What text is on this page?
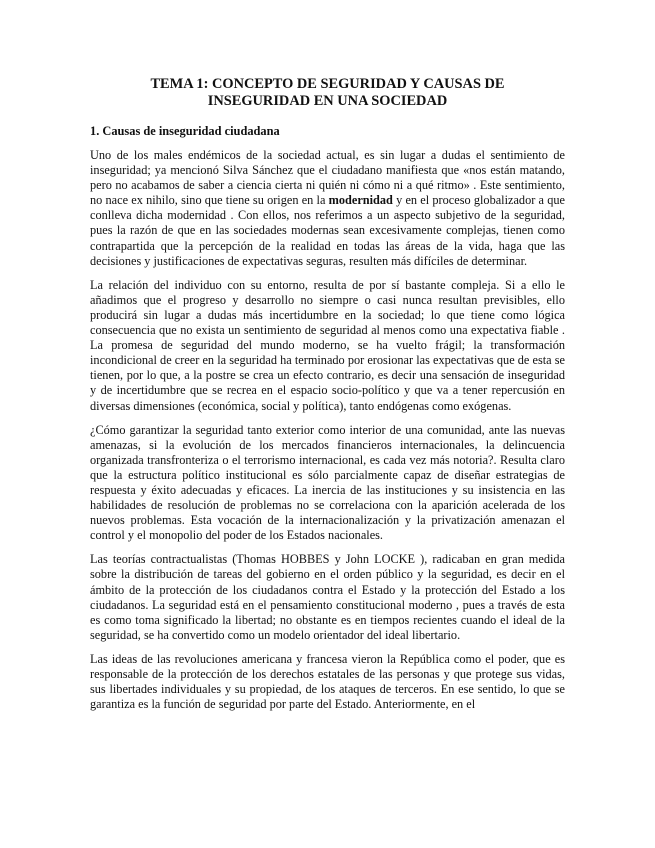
TEMA 1: CONCEPTO DE SEGURIDAD Y CAUSAS DE
INSEGURIDAD EN UNA SOCIEDAD
1. Causas de inseguridad ciudadana

Uno de los males endémicos de la sociedad actual, es sin lugar a dudas el sentimiento de inseguridad; ya mencionó Silva Sánchez que el ciudadano manifiesta que «nos están matando, pero no acabamos de saber a ciencia cierta ni quién ni cómo ni a qué ritmo» . Este sentimiento, no nace ex nihilo, sino que tiene su origen en la modernidad y en el proceso globalizador a que conlleva dicha modernidad . Con ellos, nos referimos a un aspecto subjetivo de la seguridad, pues la razón de que en las sociedades modernas sean excesivamente complejas, tienen como contrapartida que la percepción de la realidad en todas las áreas de la vida, haga que las decisiones y justificaciones de expectativas seguras, resulten más difíciles de determinar.

La relación del individuo con su entorno, resulta de por sí bastante compleja. Si a ello le añadimos que el progreso y desarrollo no siempre o casi nunca resultan previsibles, ello producirá sin lugar a dudas más incertidumbre en la sociedad; lo que tiene como lógica consecuencia que no exista un sentimiento de seguridad al menos como una expectativa fiable . La promesa de seguridad del mundo moderno, se ha vuelto frágil; la transformación incondicional de creer en la seguridad ha terminado por erosionar las expectativas que de esta se tienen, por lo que, a la postre se crea un efecto contrario, es decir una sensación de inseguridad y de incertidumbre que se recrea en el espacio socio-político y que va a tener repercusión en diversas dimensiones (económica, social y política), tanto endógenas como exógenas.

¿Cómo garantizar la seguridad tanto exterior como interior de una comunidad, ante las nuevas amenazas, si la evolución de los mercados financieros internacionales, la delincuencia organizada transfronteriza o el terrorismo internacional, es cada vez más notoria?. Resulta claro que la estructura político institucional es sólo parcialmente capaz de diseñar estrategias de respuesta y éxito adecuadas y eficaces. La inercia de las instituciones y su insistencia en las habilidades de resolución de problemas no se correlaciona con la aparición acelerada de los nuevos problemas. Esta vocación de la internacionalización y la privatización amenazan el control y el monopolio del poder de los Estados nacionales.

Las teorías contractualistas (Thomas HOBBES y John LOCKE ), radicaban en gran medida sobre la distribución de tareas del gobierno en el orden público y la seguridad, es decir en el ámbito de la protección de los ciudadanos contra el Estado y la protección del Estado a los ciudadanos. La seguridad está en el pensamiento constitucional moderno , pues a través de esta es como toma significado la libertad; no obstante es en tiempos recientes cuando el ideal de la seguridad, se ha convertido como un modelo orientador del ideal libertario.

Las ideas de las revoluciones americana y francesa vieron la República como el poder, que es responsable de la protección de los derechos estatales de las personas y que protege sus vidas, sus libertades individuales y su propiedad, de los ataques de terceros. En ese sentido, lo que se garantiza es la función de seguridad por parte del Estado. Anteriormente, en el
